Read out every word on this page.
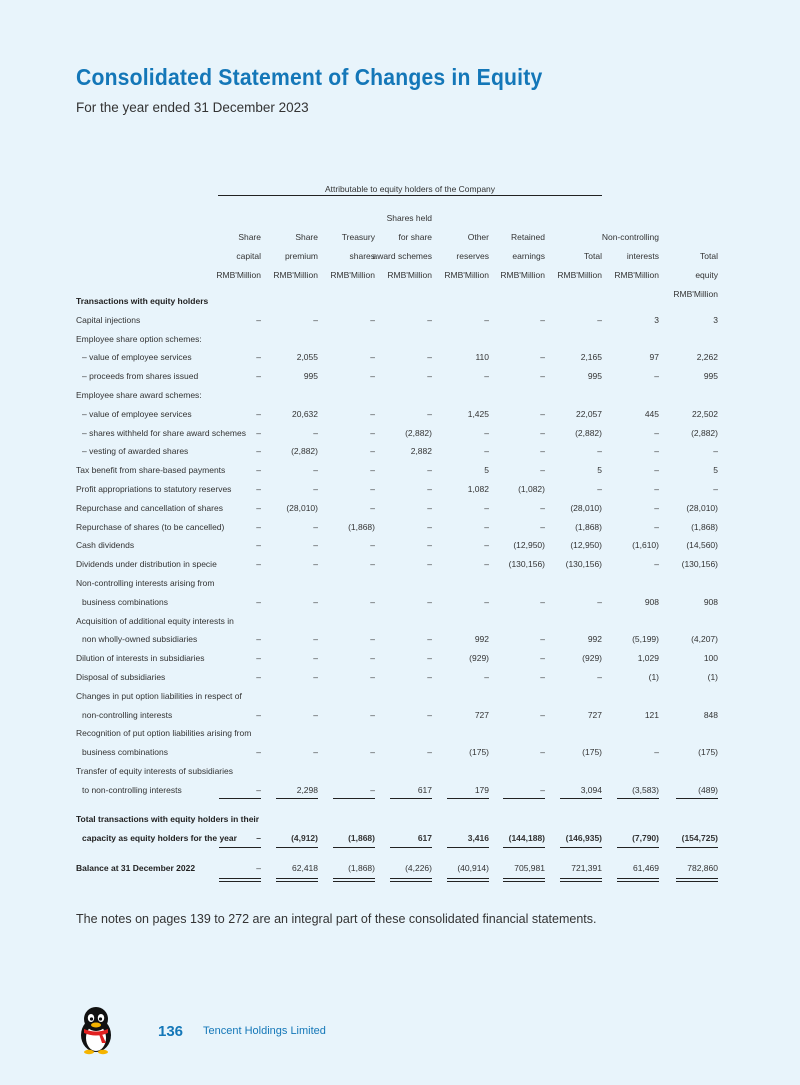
Consolidated Statement of Changes in Equity
For the year ended 31 December 2023
Attributable to equity holders of the Company
Share
capital
RMB'Million
Share
premium
RMB'Million
Treasury
shares
RMB'Million
Shares held
for share
award schemes
RMB'Million
Other
reserves
RMB'Million
Retained
earnings
RMB'Million
Total
RMB'Million
Non-controlling
interests
RMB'Million
Total
equity
RMB'Million
Transactions with equity holders
Capital injections	–	–	–	–	–	–	–	3	3
Employee share option schemes:
– value of employee services	–	2,055	–	–	110	–	2,165	97	2,262
– proceeds from shares issued	–	995	–	–	–	–	995	–	995
Employee share award schemes:
– value of employee services	–	20,632	–	–	1,425	–	22,057	445	22,502
– shares withheld for share award schemes	–	–	–	(2,882)	–	–	(2,882)	–	(2,882)
– vesting of awarded shares	–	(2,882)	–	2,882	–	–	–	–	–
Tax benefit from share-based payments	–	–	–	–	5	–	5	–	5
Profit appropriations to statutory reserves	–	–	–	–	1,082	(1,082)	–	–	–
Repurchase and cancellation of shares	–	(28,010)	–	–	–	–	(28,010)	–	(28,010)
Repurchase of shares (to be cancelled)	–	–	(1,868)	–	–	–	(1,868)	–	(1,868)
Cash dividends	–	–	–	–	–	(12,950)	(12,950)	(1,610)	(14,560)
Dividends under distribution in specie	–	–	–	–	–	(130,156)	(130,156)	–	(130,156)
Non-controlling interests arising from
business combinations	–	–	–	–	–	–	–	908	908
Acquisition of additional equity interests in
non wholly-owned subsidiaries	–	–	–	–	992	–	992	(5,199)	(4,207)
Dilution of interests in subsidiaries	–	–	–	–	(929)	–	(929)	1,029	100
Disposal of subsidiaries	–	–	–	–	–	–	–	(1)	(1)
Changes in put option liabilities in respect of
non-controlling interests	–	–	–	–	727	–	727	121	848
Recognition of put option liabilities arising from
business combinations	–	–	–	–	(175)	–	(175)	–	(175)
Transfer of equity interests of subsidiaries
to non-controlling interests	–	2,298	–	617	179	–	3,094	(3,583)	(489)
Total transactions with equity holders in their
capacity as equity holders for the year	–	(4,912)	(1,868)	617	3,416	(144,188)	(146,935)	(7,790)	(154,725)
Balance at 31 December 2022	–	62,418	(1,868)	(4,226)	(40,914)	705,981	721,391	61,469	782,860
The notes on pages 139 to 272 are an integral part of these consolidated financial statements.
136 Tencent Holdings Limited
